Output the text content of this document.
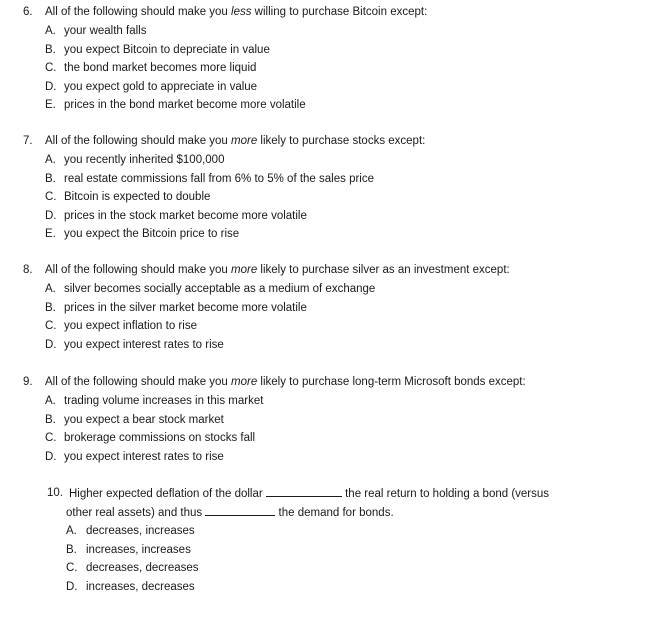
6. All of the following should make you less willing to purchase Bitcoin except:
A. your wealth falls
B. you expect Bitcoin to depreciate in value
C. the bond market becomes more liquid
D. you expect gold to appreciate in value
E. prices in the bond market become more volatile
7. All of the following should make you more likely to purchase stocks except:
A. you recently inherited $100,000
B. real estate commissions fall from 6% to 5% of the sales price
C. Bitcoin is expected to double
D. prices in the stock market become more volatile
E. you expect the Bitcoin price to rise
8. All of the following should make you more likely to purchase silver as an investment except:
A. silver becomes socially acceptable as a medium of exchange
B. prices in the silver market become more volatile
C. you expect inflation to rise
D. you expect interest rates to rise
9. All of the following should make you more likely to purchase long-term Microsoft bonds except:
A. trading volume increases in this market
B. you expect a bear stock market
C. brokerage commissions on stocks fall
D. you expect interest rates to rise
10. Higher expected deflation of the dollar	the real return to holding a bond (versus
other real assets) and thus	the demand for bonds.
A. decreases, increases
B. increases, increases
C. decreases, decreases
D. increases, decreases
